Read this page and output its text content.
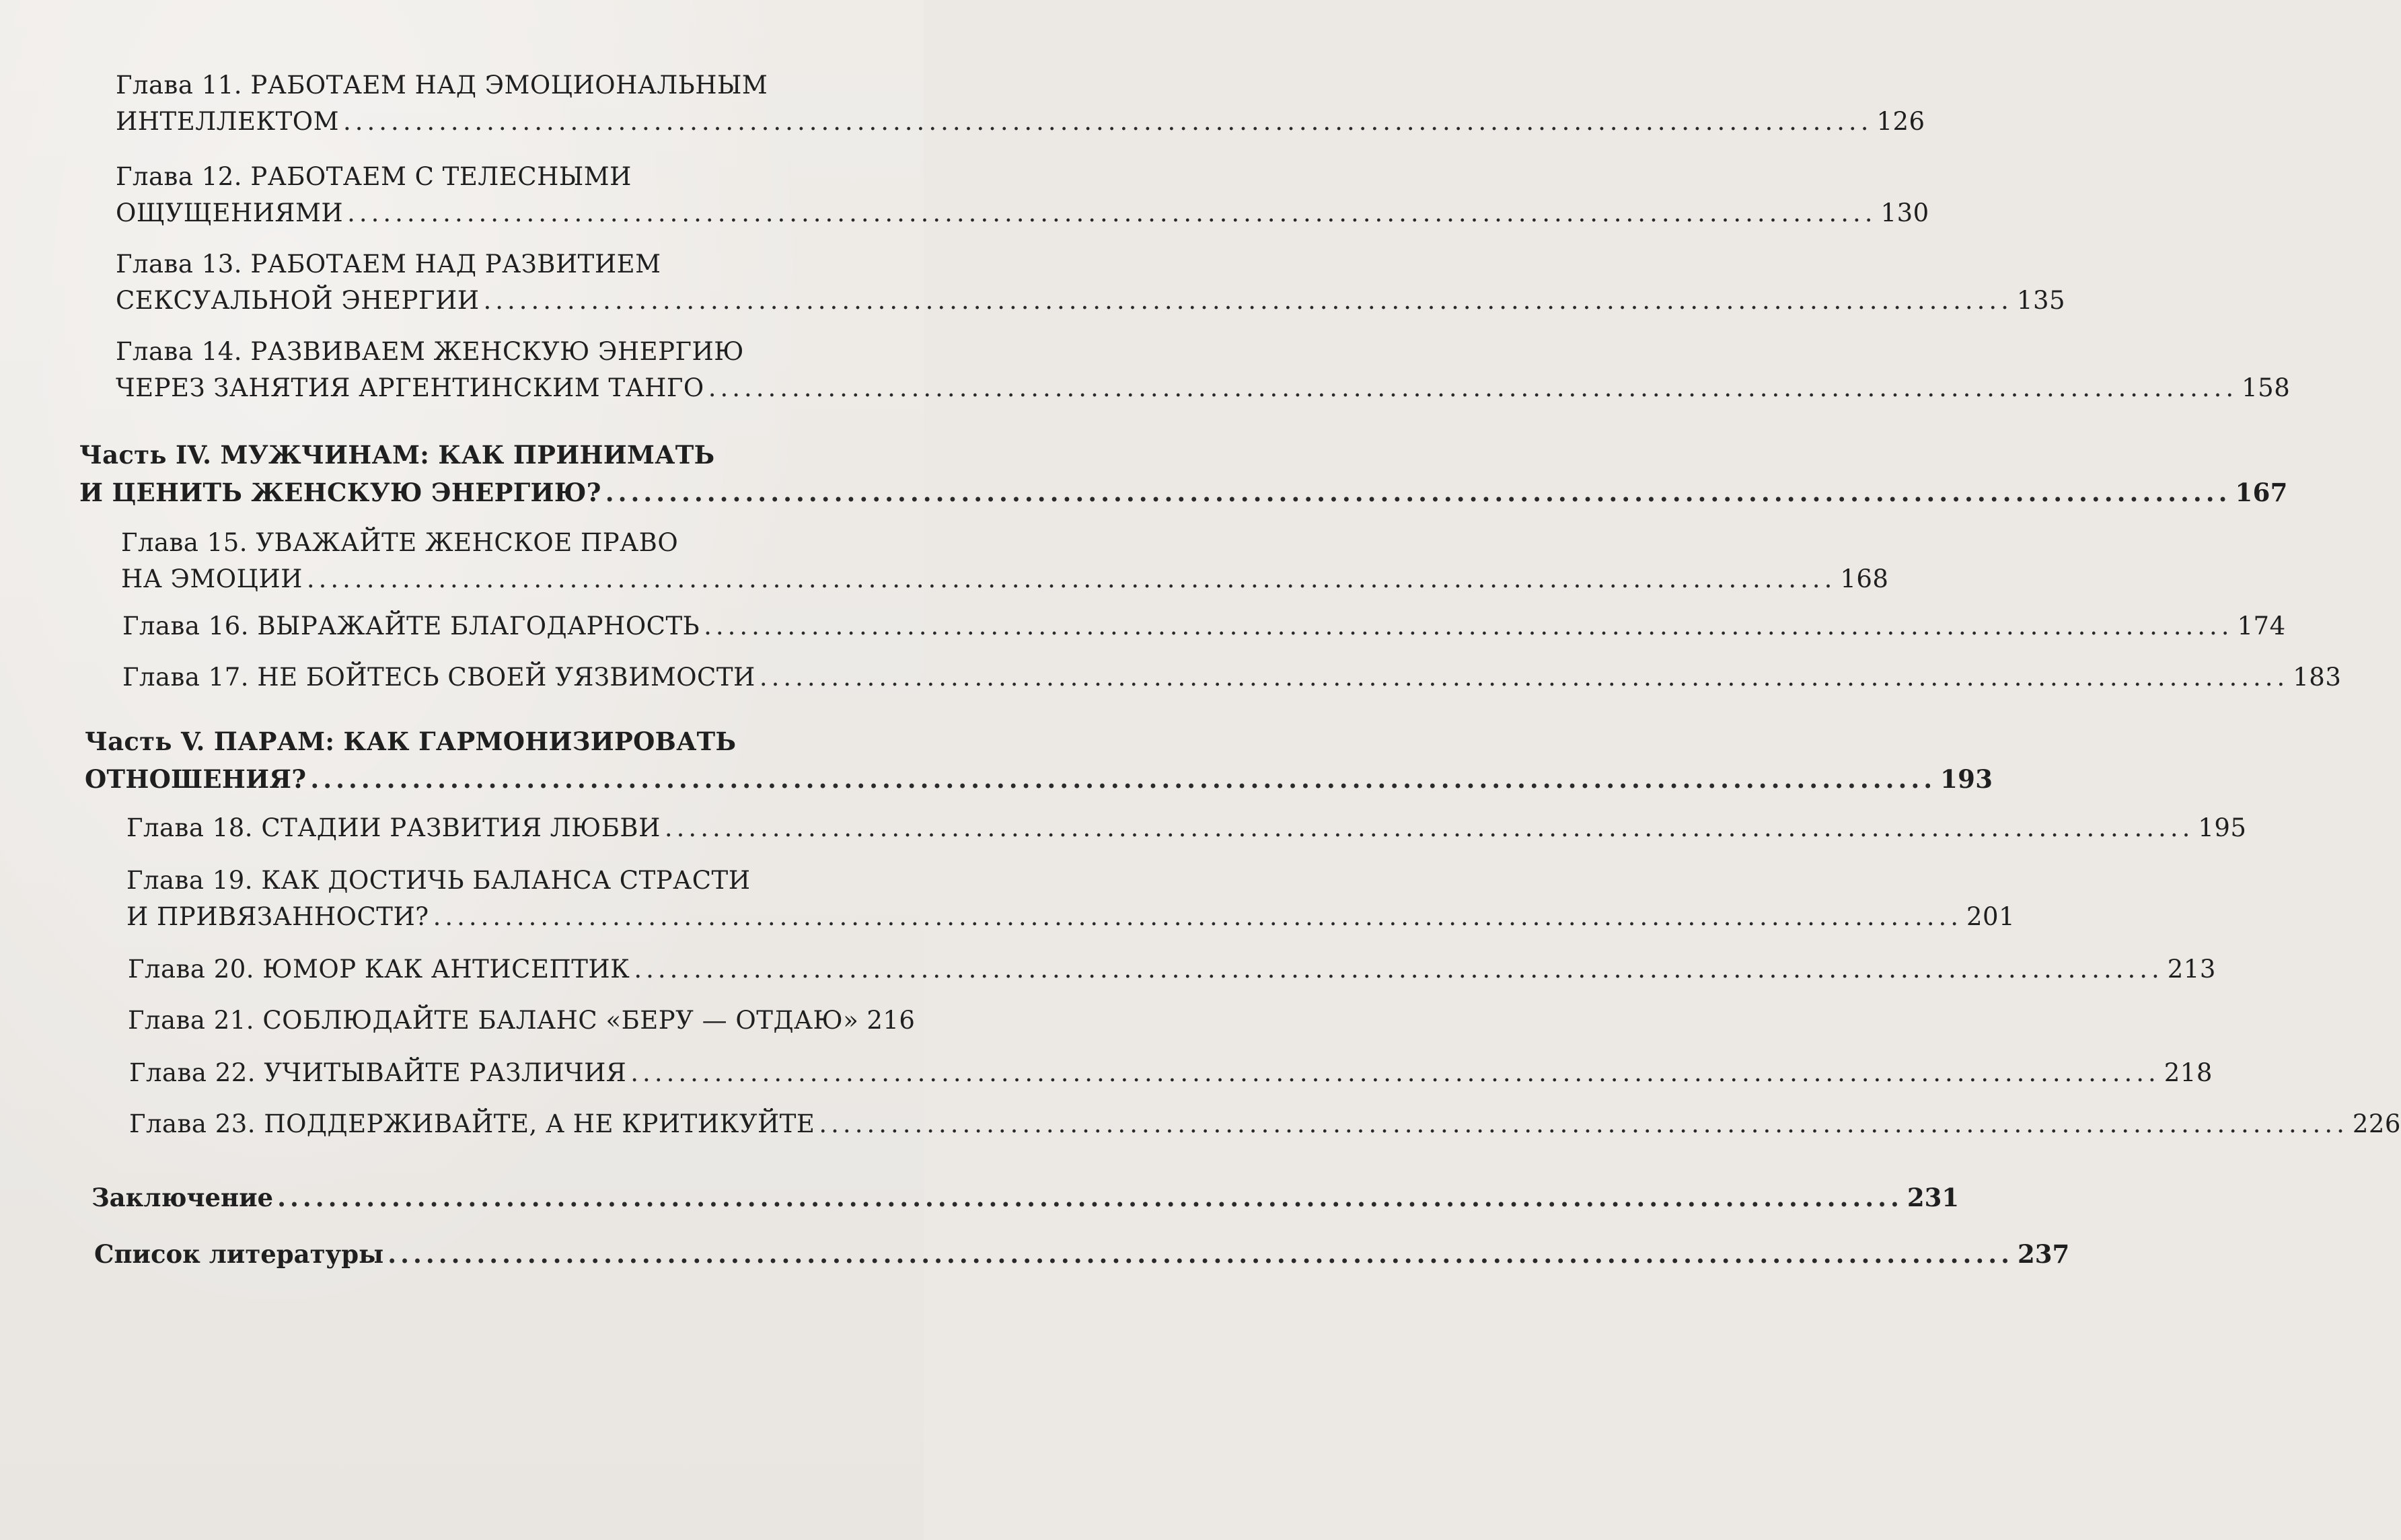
Глава 11. РАБОТАЕМ НАД ЭМОЦИОНАЛЬНЫМ
ИНТЕЛЛЕКТОМ ................................................................................................................................ 126
Глава 12. РАБОТАЕМ С ТЕЛЕСНЫМИ
ОЩУЩЕНИЯМИ ................................................................................................................................ 130
Глава 13. РАБОТАЕМ НАД РАЗВИТИЕМ
СЕКСУАЛЬНОЙ ЭНЕРГИИ ................................................................................................................................ 135
Глава 14. РАЗВИВАЕМ ЖЕНСКУЮ ЭНЕРГИЮ
ЧЕРЕЗ ЗАНЯТИЯ АРГЕНТИНСКИМ ТАНГО ................................................................................................................................ 158
Часть IV. МУЖЧИНАМ: КАК ПРИНИМАТЬ
И ЦЕНИТЬ ЖЕНСКУЮ ЭНЕРГИЮ? ................................................................................................................................ 167
Глава 15. УВАЖАЙТЕ ЖЕНСКОЕ ПРАВО
НА ЭМОЦИИ ................................................................................................................................ 168
Глава 16. ВЫРАЖАЙТЕ БЛАГОДАРНОСТЬ ................................................................................................................................ 174
Глава 17. НЕ БОЙТЕСЬ СВОЕЙ УЯЗВИМОСТИ ................................................................................................................................ 183
Часть V. ПАРАМ: КАК ГАРМОНИЗИРОВАТЬ
ОТНОШЕНИЯ? ................................................................................................................................ 193
Глава 18. СТАДИИ РАЗВИТИЯ ЛЮБВИ ................................................................................................................................ 195
Глава 19. КАК ДОСТИЧЬ БАЛАНСА СТРАСТИ
И ПРИВЯЗАННОСТИ? ................................................................................................................................ 201
Глава 20. ЮМОР КАК АНТИСЕПТИК ................................................................................................................................ 213
Глава 21. СОБЛЮДАЙТЕ БАЛАНС «БЕРУ — ОТДАЮ» 216
Глава 22. УЧИТЫВАЙТЕ РАЗЛИЧИЯ ................................................................................................................................ 218
Глава 23. ПОДДЕРЖИВАЙТЕ, А НЕ КРИТИКУЙТЕ ................................................................................................................................ 226
Заключение ................................................................................................................................ 231
Список литературы ................................................................................................................................ 237
